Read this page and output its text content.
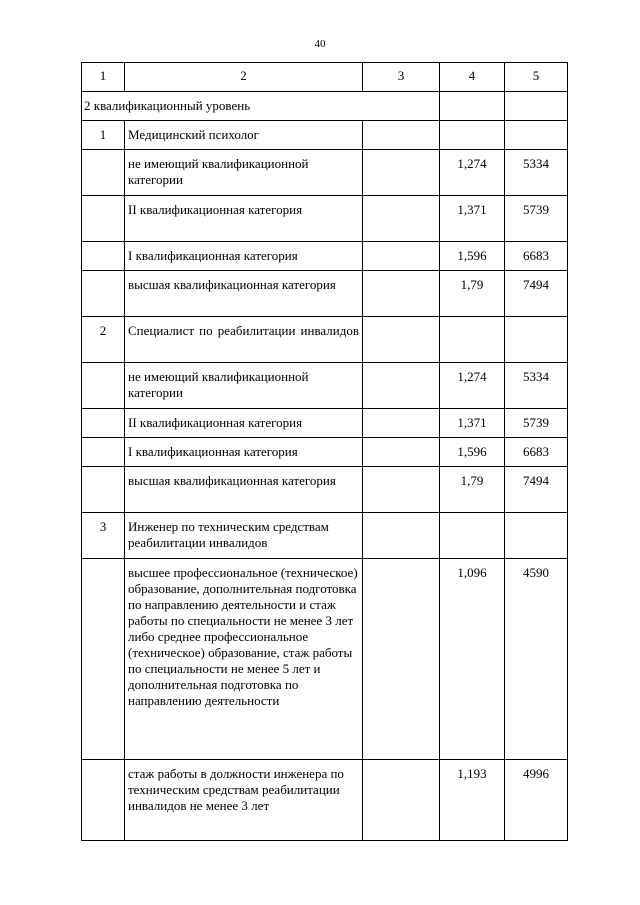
40
1	2	3	4	5
2 квалификационный уровень				
1	Медицинский психолог			
	не имеющий квалификационной категории		1,274	5334
	II квалификационная категория		1,371	5739
	I квалификационная категория		1,596	6683
	высшая квалификационная категория		1,79	7494
2	Специалист по реабилитации инвалидов			
	не имеющий квалификационной категории		1,274	5334
	II квалификационная категория		1,371	5739
	I квалификационная категория		1,596	6683
	высшая квалификационная категория		1,79	7494
3	Инженер по техническим средствам реабилитации инвалидов			
	высшее профессиональное (техническое) образование, дополнительная подготовка по направлению деятельности и стаж работы по специальности не менее 3 лет либо среднее профессиональное (техническое) образование, стаж работы по специальности не менее 5 лет и дополнительная подготовка по направлению деятельности		1,096	4590
	стаж работы в должности инженера по техническим средствам реабилитации инвалидов не менее 3 лет		1,193	4996
